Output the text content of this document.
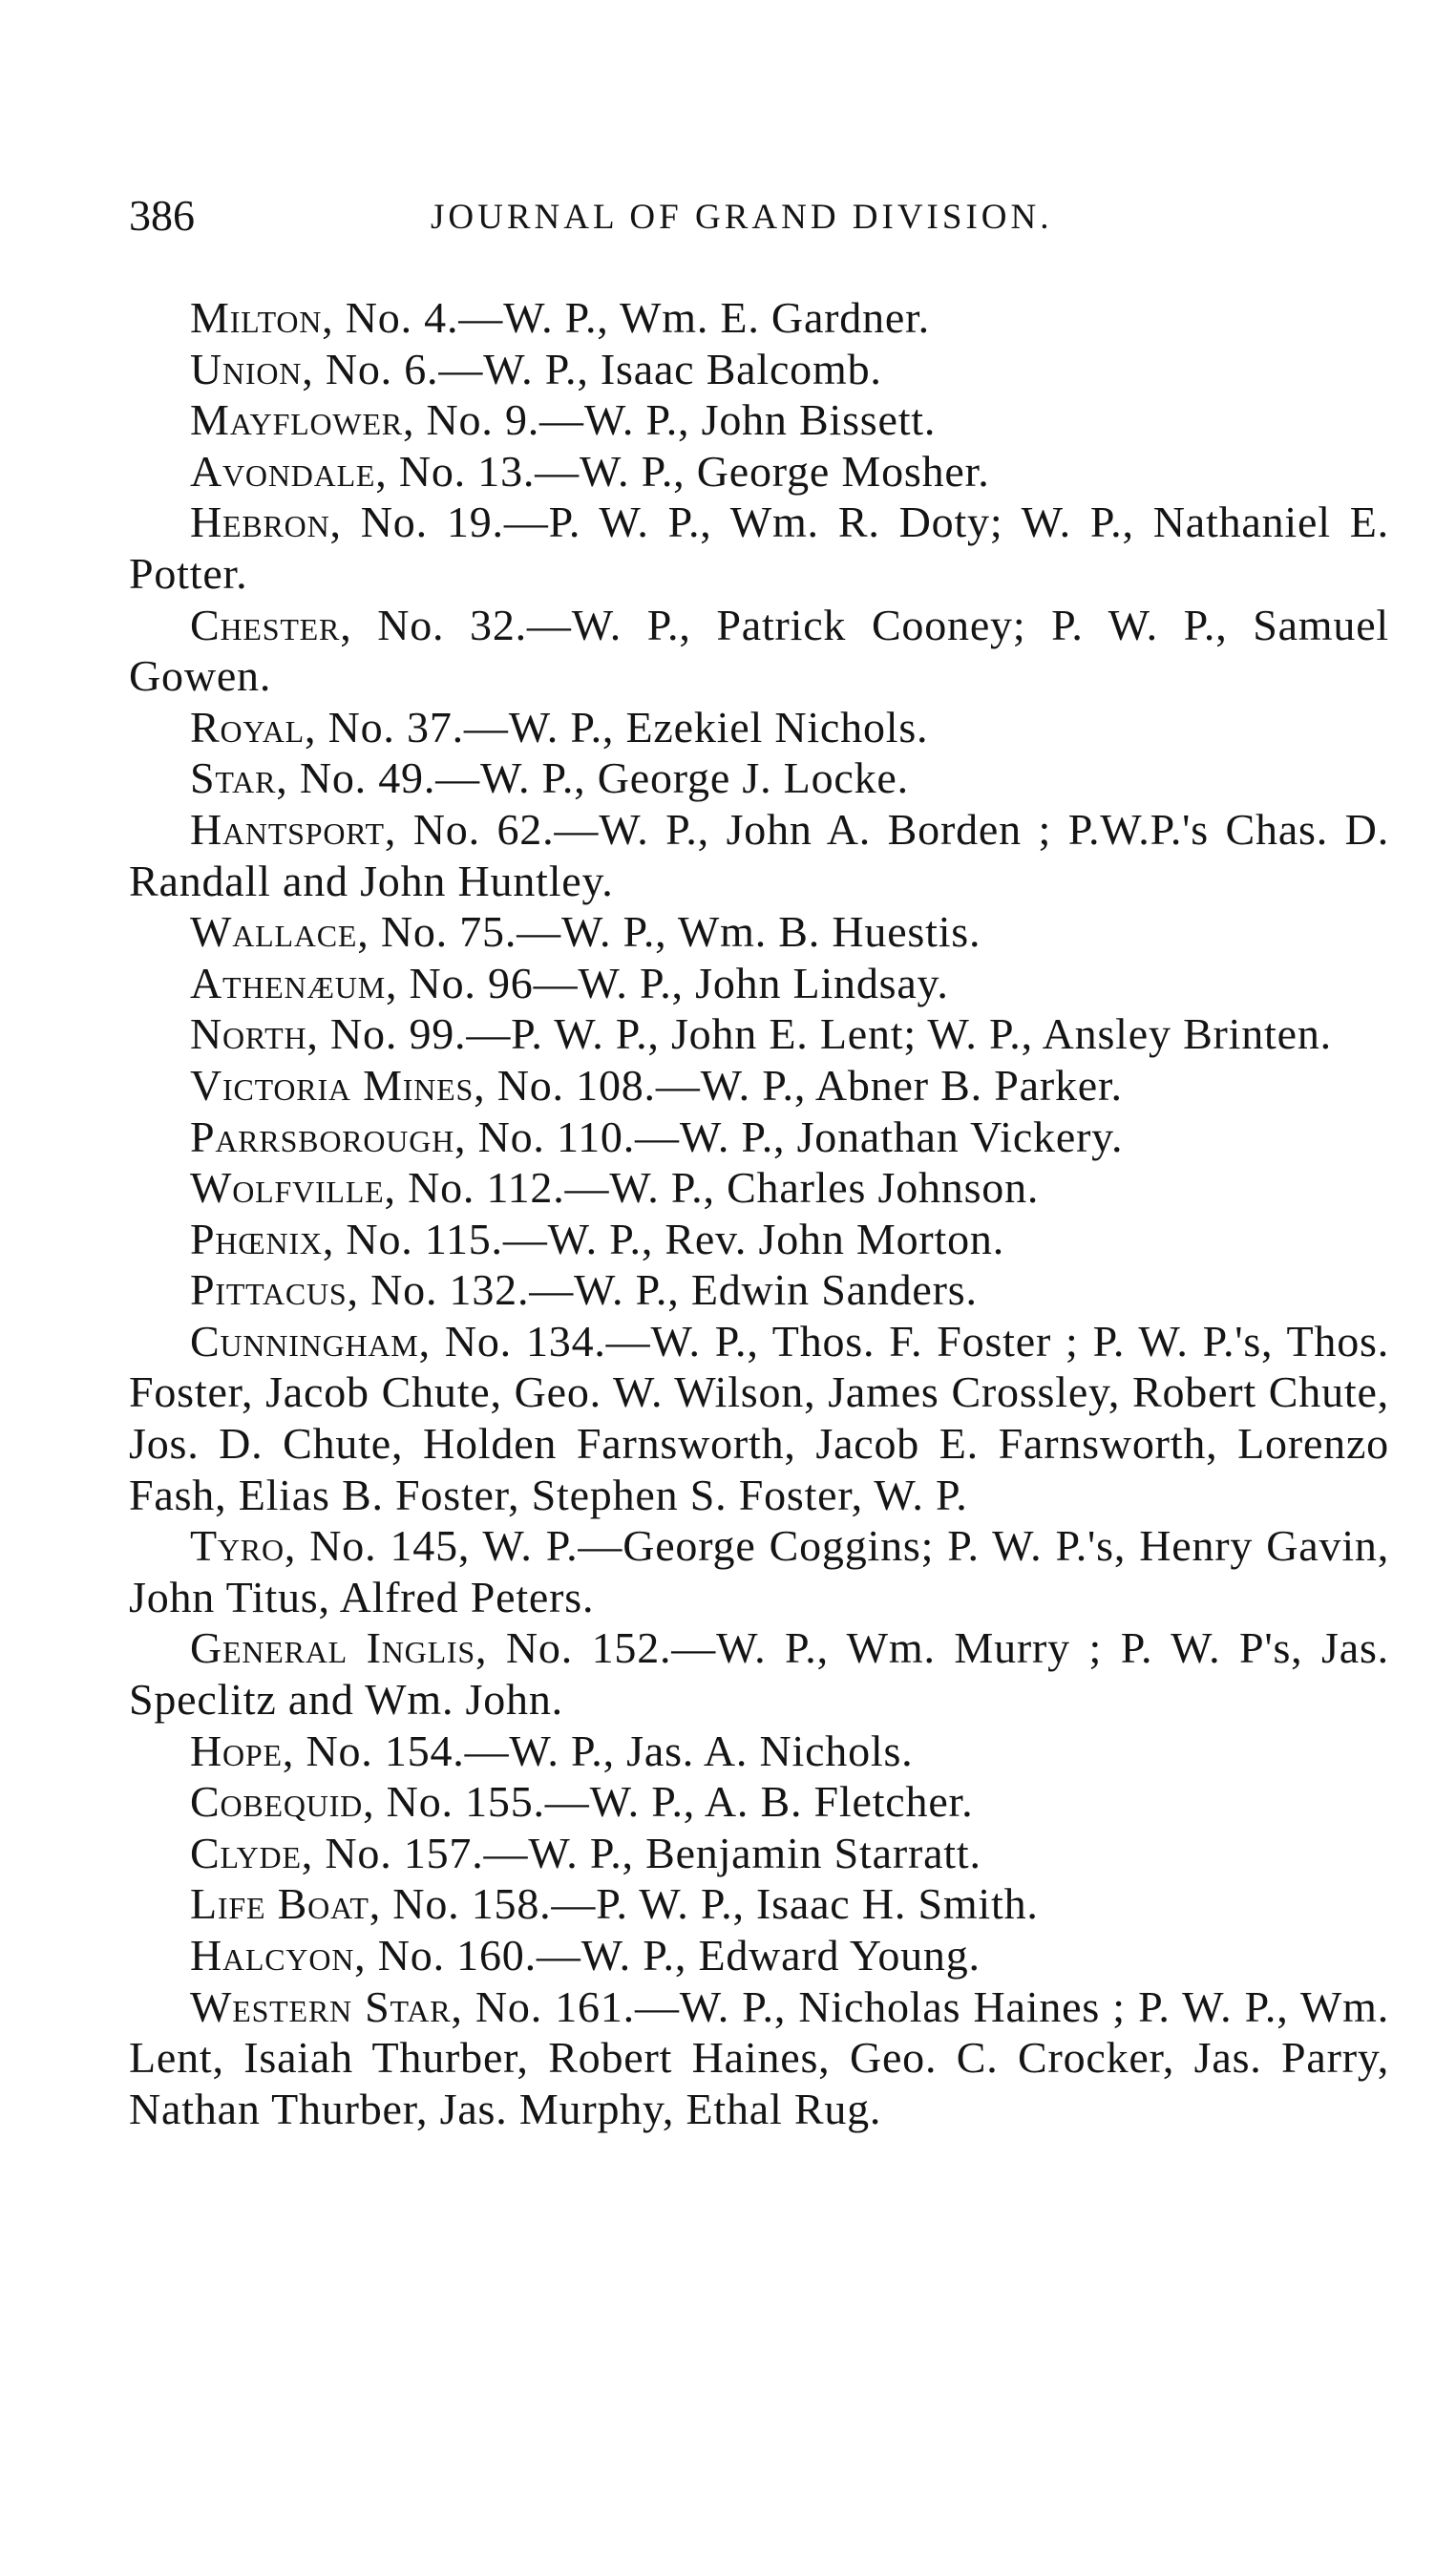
386	JOURNAL OF GRAND DIVISION.

Milton, No. 4.—W. P., Wm. E. Gardner.

Union, No. 6.—W. P., Isaac Balcomb.

Mayflower, No. 9.—W. P., John Bissett.

Avondale, No. 13.—W. P., George Mosher.

Hebron, No. 19.—P. W. P., Wm. R. Doty; W. P., Nathaniel E. Potter.

Chester, No. 32.—W. P., Patrick Cooney; P. W. P., Samuel Gowen.

Royal, No. 37.—W. P., Ezekiel Nichols.

Star, No. 49.—W. P., George J. Locke.

Hantsport, No. 62.—W. P., John A. Borden ; P.W.P.'s Chas. D. Randall and John Huntley.

Wallace, No. 75.—W. P., Wm. B. Huestis.

Athenæum, No. 96—W. P., John Lindsay.

North, No. 99.—P. W. P., John E. Lent; W. P., Ansley Brinten.

Victoria Mines, No. 108.—W. P., Abner B. Parker.

Parrsborough, No. 110.—W. P., Jonathan Vickery.

Wolfville, No. 112.—W. P., Charles Johnson.

Phœnix, No. 115.—W. P., Rev. John Morton.

Pittacus, No. 132.—W. P., Edwin Sanders.

Cunningham, No. 134.—W. P., Thos. F. Foster ; P. W. P.'s, Thos. Foster, Jacob Chute, Geo. W. Wilson, James Crossley, Robert Chute, Jos. D. Chute, Holden Farnsworth, Jacob E. Farnsworth, Lorenzo Fash, Elias B. Foster, Stephen S. Foster, W. P.

Tyro, No. 145, W. P.—George Coggins; P. W. P.'s, Henry Gavin, John Titus, Alfred Peters.

General Inglis, No. 152.—W. P., Wm. Murry ; P. W. P's, Jas. Speclitz and Wm. John.

Hope, No. 154.—W. P., Jas. A. Nichols.

Cobequid, No. 155.—W. P., A. B. Fletcher.

Clyde, No. 157.—W. P., Benjamin Starratt.

Life Boat, No. 158.—P. W. P., Isaac H. Smith.

Halcyon, No. 160.—W. P., Edward Young.

Western Star, No. 161.—W. P., Nicholas Haines ; P. W. P., Wm. Lent, Isaiah Thurber, Robert Haines, Geo. C. Crocker, Jas. Parry, Nathan Thurber, Jas. Murphy, Ethal Rug.
